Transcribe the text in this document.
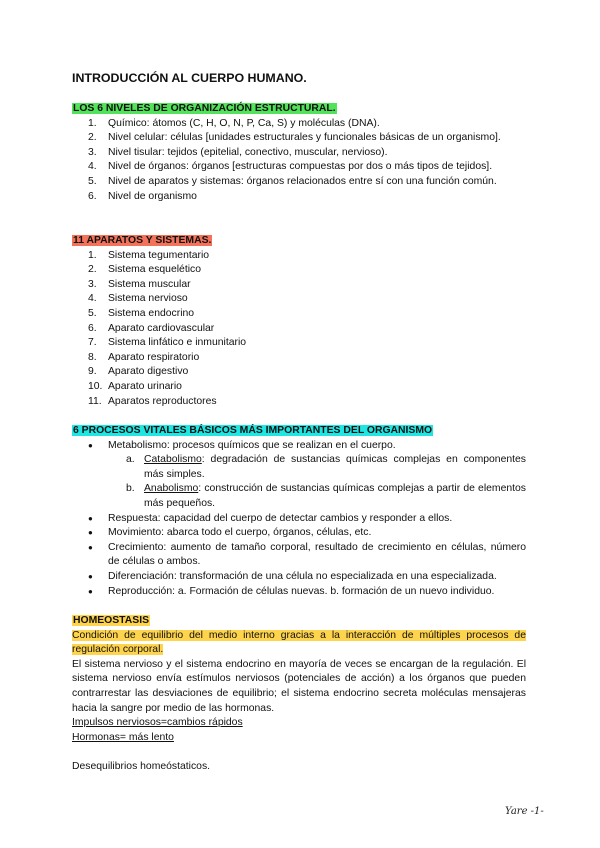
INTRODUCCIÓN AL CUERPO HUMANO.
LOS 6 NIVELES DE ORGANIZACIÓN ESTRUCTURAL.
1. Químico: átomos (C, H, O, N, P, Ca, S) y moléculas (DNA).
2. Nivel celular: células [unidades estructurales y funcionales básicas de un organismo].
3. Nivel tisular: tejidos (epitelial, conectivo, muscular, nervioso).
4. Nivel de órganos: órganos [estructuras compuestas por dos o más tipos de tejidos].
5. Nivel de aparatos y sistemas: órganos relacionados entre sí con una función común.
6. Nivel de organismo
11 APARATOS Y SISTEMAS.
1. Sistema tegumentario
2. Sistema esquelético
3. Sistema muscular
4. Sistema nervioso
5. Sistema endocrino
6. Aparato cardiovascular
7. Sistema linfático e inmunitario
8. Aparato respiratorio
9. Aparato digestivo
10. Aparato urinario
11. Aparatos reproductores
6 PROCESOS VITALES BÁSICOS MÁS IMPORTANTES DEL ORGANISMO
● Metabolismo: procesos químicos que se realizan en el cuerpo.
a. Catabolismo: degradación de sustancias químicas complejas en componentes más simples.
b. Anabolismo: construcción de sustancias químicas complejas a partir de elementos más pequeños.
● Respuesta: capacidad del cuerpo de detectar cambios y responder a ellos.
● Movimiento: abarca todo el cuerpo, órganos, células, etc.
● Crecimiento: aumento de tamaño corporal, resultado de crecimiento en células, número de células o ambos.
● Diferenciación: transformación de una célula no especializada en una especializada.
● Reproducción: a. Formación de células nuevas. b. formación de un nuevo individuo.
HOMEOSTASIS
Condición de equilibrio del medio interno gracias a la interacción de múltiples procesos de regulación corporal.
El sistema nervioso y el sistema endocrino en mayoría de veces se encargan de la regulación. El sistema nervioso envía estímulos nerviosos (potenciales de acción) a los órganos que pueden contrarrestar las desviaciones de equilibrio; el sistema endocrino secreta moléculas mensajeras hacia la sangre por medio de las hormonas.
Impulsos nerviosos=cambios rápidos
Hormonas= más lento
Desequilibrios homeóstaticos.
Yare -1-
